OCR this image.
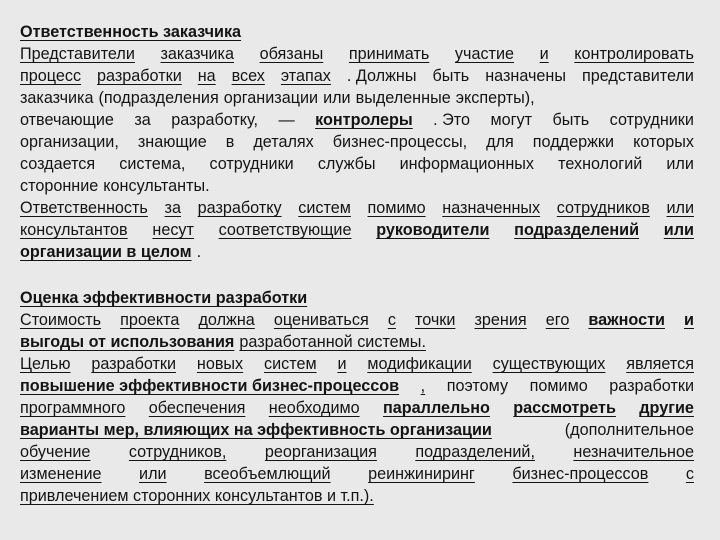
Ответственность заказчика
Представители заказчика обязаны принимать участие и контролировать
процесс разработки на всех этапах . Должны быть назначены представители
заказчика (подразделения организации или выделенные эксперты),
отвечающие за разработку, — контролеры . Это могут быть сотрудники
организации, знающие в деталях бизнес-процессы, для поддержки которых
создается система, сотрудники службы информационных технологий или
сторонние консультанты.
Ответственность за разработку систем помимо назначенных сотрудников или
консультантов несут соответствующие руководители подразделений или
организации в целом .
Оценка эффективности разработки
Стоимость проекта должна оцениваться с точки зрения его важности и
выгоды от использования разработанной системы.
Целью разработки новых систем и модификации существующих является
повышение эффективности бизнес-процессов , поэтому помимо разработки
программного обеспечения необходимо параллельно рассмотреть другие
варианты мер, влияющих на эффективность организации	(дополнительное
обучение сотрудников, реорганизация подразделений, незначительное
изменение или всеобъемлющий реинжиниринг бизнес-процессов с
привлечением сторонних консультантов и т.п.).
